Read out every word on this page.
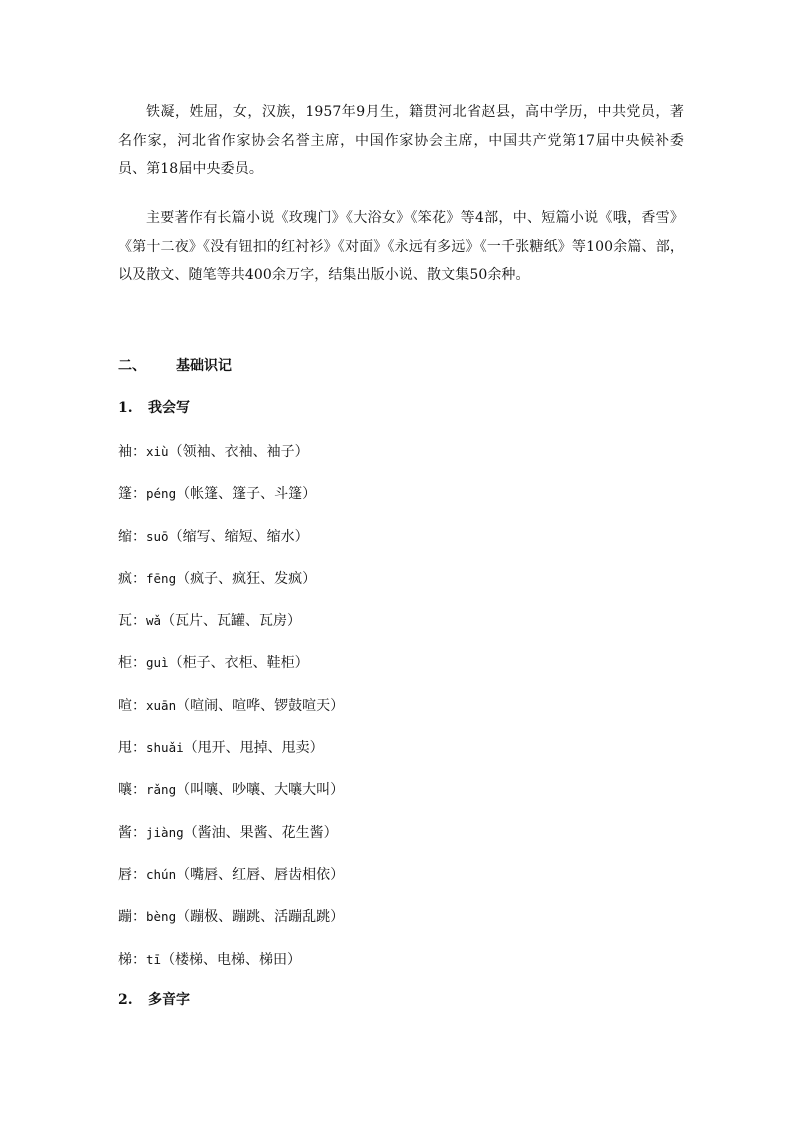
铁凝，姓屈，女，汉族，1957年9月生，籍贯河北省赵县，高中学历，中共党员，著名作家，河北省作家协会名誉主席，中国作家协会主席，中国共产党第17届中央候补委员、第18届中央委员。

主要著作有长篇小说《玫瑰门》《大浴女》《笨花》等4部，中、短篇小说《哦，香雪》《第十二夜》《没有钮扣的红衬衫》《对面》《永远有多远》《一千张糖纸》等100余篇、部，以及散文、随笔等共400余万字，结集出版小说、散文集50余种。

二、 基础识记
1. 我会写
袖：xiù（领袖、衣袖、袖子）
篷：péng（帐篷、篷子、斗篷）
缩：suō（缩写、缩短、缩水）
疯：fēng（疯子、疯狂、发疯）
瓦：wǎ（瓦片、瓦罐、瓦房）
柜：guì（柜子、衣柜、鞋柜）
喧：xuān（喧闹、喧哗、锣鼓喧天）
甩：shuǎi（甩开、甩掉、甩卖）
嚷：rǎng（叫嚷、吵嚷、大嚷大叫）
酱：jiàng（酱油、果酱、花生酱）
唇：chún（嘴唇、红唇、唇齿相依）
蹦：bèng（蹦极、蹦跳、活蹦乱跳）
梯：tī（楼梯、电梯、梯田）
2. 多音字
